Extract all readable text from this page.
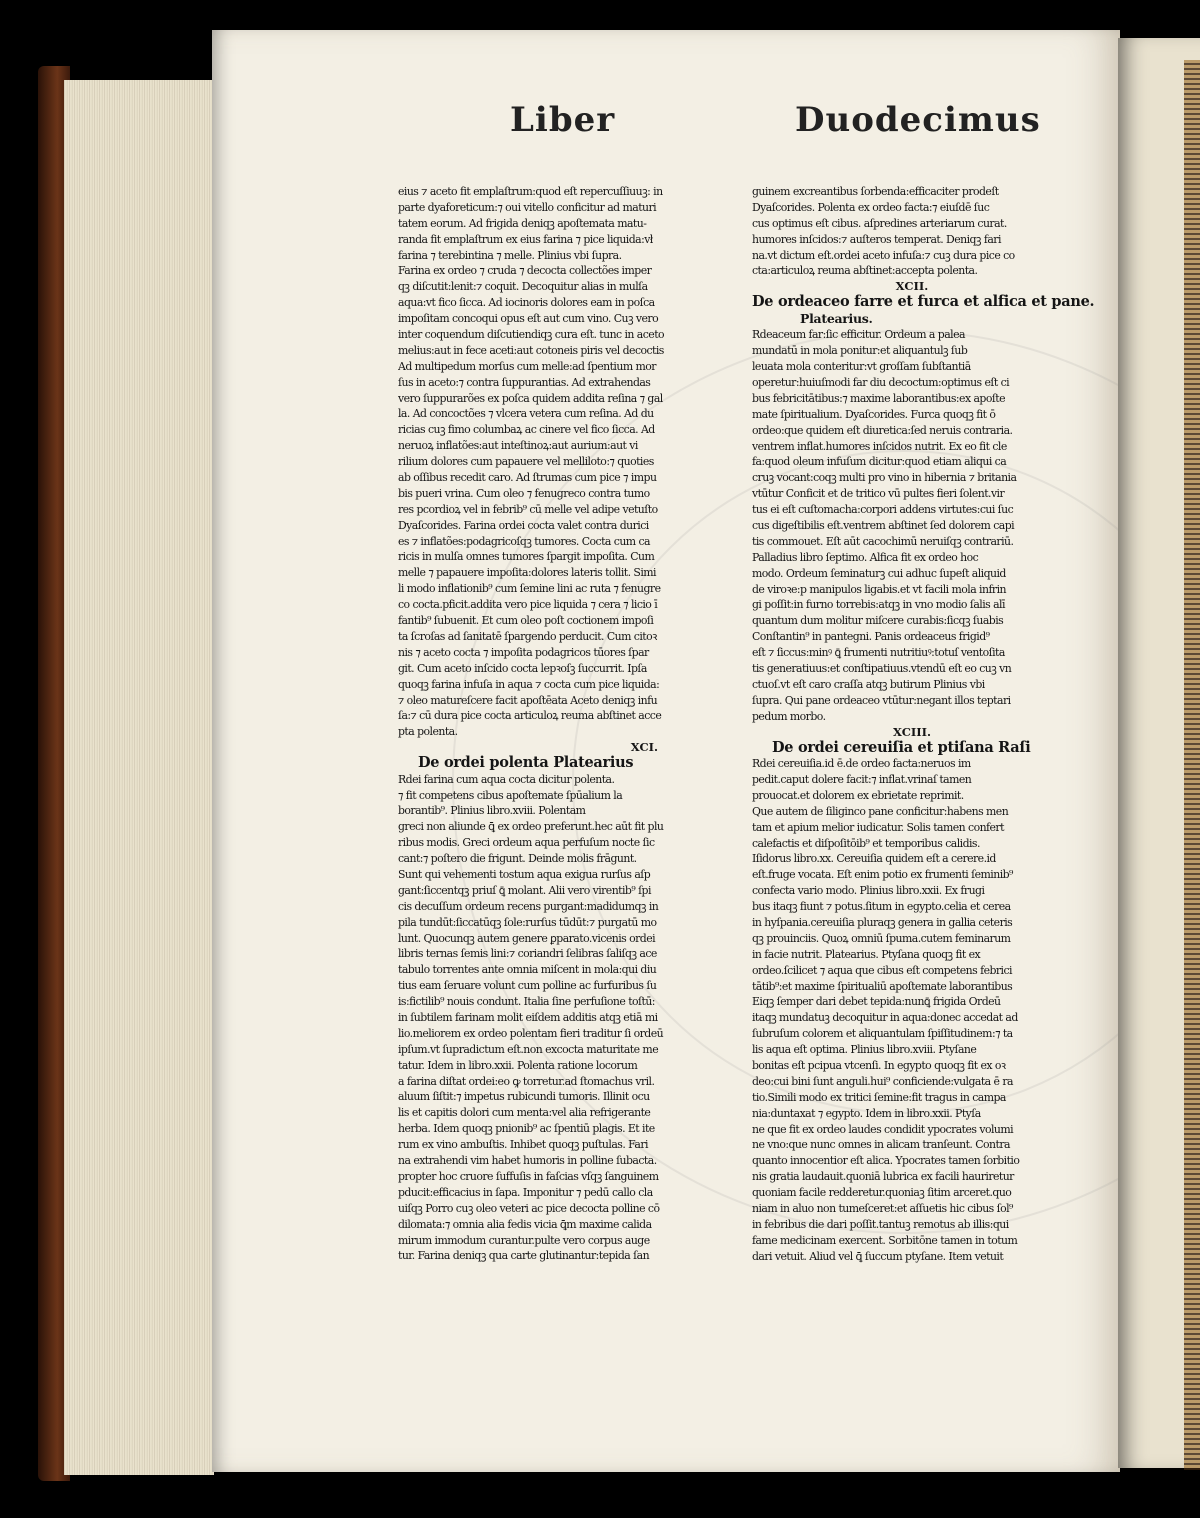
Liber	Duodecimus
eius ⁊ aceto fit emplaſtrum:quod eſt repercuſſiuuꝫ: in
parte dyaforeticum:⁊ oui vitello conficitur ad maturi
tatem eorum. Ad frigida deniqꝫ apoſtemata matu-
randa fit emplaſtrum ex eius farina ⁊ pice liquida:vł
farina ⁊ terebintina ⁊ melle. Plinius vbi ſupra.
Farina ex ordeo ⁊ cruda ⁊ decocta collectões imper
qꝫ diſcutit:lenit:⁊ coquit. Decoquitur alias in mulſa
aqua:vt fico ſicca. Ad iocinoris dolores eam in poſca
impoſitam concoqui opus eſt aut cum vino. Cuꝫ vero
inter coquendum diſcutiendiqꝫ cura eſt. tunc in aceto
melius:aut in fece aceti:aut cotoneis piris vel decoctis
Ad multipedum morſus cum melle:ad ſpentium mor
ſus in aceto:⁊ contra ſuppurantias. Ad extrahendas
vero ſuppurarões ex poſca quidem addita reſina ⁊ gal
la. Ad concoctões ⁊ vlcera vetera cum reſina. Ad du
ricias cuꝫ fimo columbaꝝ ac cinere vel fico ſicca. Ad
neruoꝝ inflatões:aut inteſtinoꝝ:aut aurium:aut vi
rilium dolores cum papauere vel melliloto:⁊ quoties
ab oſſibus recedit caro. Ad ſtrumas cum pice ⁊ impu
bis pueri vrina. Cum oleo ⁊ fenugreco contra tumo
res pcordioꝝ vel in febrib⁹ cū melle vel adipe vetuſto
Dyaſcorides. Farina ordei cocta valet contra durici
es ⁊ inflatões:podagricoſqꝫ tumores. Cocta cum ca
ricis in mulſa omnes tumores ſpargit impoſita. Cum
melle ⁊ papauere impoſita:dolores lateris tollit. Simi
li modo inflationib⁹ cum ſemine lini ac ruta ⁊ fenugre
co cocta.pficit.addita vero pice liquida ⁊ cera ⁊ licio ī
fantib⁹ ſubuenit. Et cum oleo poſt coctionem impoſi
ta ſcroſas ad ſanitatē ſpargendo perducit. Cum citoꝛ
nis ⁊ aceto cocta ⁊ impoſita podagricos tūores ſpar
git. Cum aceto inſcido cocta lepꝛoſꝫ ſuccurrit. Ipſa
quoqꝫ farina infuſa in aqua ⁊ cocta cum pice liquida:
⁊ oleo matureſcere facit apoſtēata Aceto deniqꝫ infu
ſa:⁊ cū dura pice cocta articuloꝝ reuma abſtinet acce
pta polenta.
XCI.
De ordei polenta Platearius
Rdei farina cum aqua cocta dicitur polenta.
⁊ fit competens cibus apoſtemate ſpūalium la
borantib⁹. Plinius libro.xviii. Polentam
greci non aliunde ꝗ̄ ex ordeo preferunt.hec aūt fit plu
ribus modis. Greci ordeum aqua perfuſum nocte ſic
cant:⁊ poſtero die frigunt. Deinde molis frāgunt.
Sunt qui vehementi tostum aqua exigua rurſus aſp
gant:ſiccentqꝫ priuſ ꝗ̄ molant. Alii vero virentib⁹ ſpi
cis decuſſum ordeum recens purgant:madidumqꝫ in
pila tundūt:ſiccatūqꝫ ſole:rurſus tūdūt:⁊ purgatū mo
lunt. Quocunqꝫ autem genere ꝑparato.vicenis ordei
libris ternas ſemis lini:⁊ coriandri ſelibras ſaliſqꝫ ace
tabulo torrentes ante omnia miſcent in mola:qui diu
tius eam ſeruare volunt cum polline ac furfuribus ſu
is:fictilib⁹ nouis condunt. Italia ſine perfuſione toſtū:
in ſubtilem farinam molit eiſdem additis atqꝫ etiā mi
lio.meliorem ex ordeo polentam fieri traditur ſi ordeū
ipſum.vt ſupradictum eſt.non excocta maturitate me
tatur. Idem in libro.xxii. Polenta ratione locorum
a farina diſtat ordei:eo ꝙ torretur.ad ſtomachus vril.
aluum ſiſtit:⁊ impetus rubicundi tumoris. Illinit ocu
lis et capitis dolori cum menta:vel alia refrigerante
herba. Idem quoqꝫ pnionib⁹ ac ſpentiū plagis. Et ite
rum ex vino ambuſtis. Inhibet quoqꝫ puſtulas. Fari
na extrahendi vim habet humoris in polline ſubacta.
propter hoc cruore ſuffuſis in faſcias vſqꝫ ſanguinem
pducit:efficacius in ſapa. Imponitur ⁊ pedū callo cla
uiſqꝫ Porro cuꝫ oleo veteri ac pice decocta polline cō
dilomata:⁊ omnia alia fedis vicia ꝗ̄m maxime calida
mirum immodum curantur.pulte vero corpus auge
tur. Farina deniqꝫ qua carte glutinantur:tepida ſan
guinem excreantibus ſorbenda:efficaciter prodeſt
Dyaſcorides. Polenta ex ordeo facta:⁊ eiuſdē ſuc
cus optimus eſt cibus. aſpredines arteriarum curat.
humores inſcidos:⁊ auſteros temperat. Deniqꝫ fari
na.vt dictum eſt.ordei aceto infuſa:⁊ cuꝫ dura pice co
cta:articuloꝝ reuma abſtinet:accepta polenta.
XCII.
De ordeaceo farre et furca et alfica et pane.
Platearius.
Rdeaceum far:ſic efficitur. Ordeum a palea
mundatū in mola ponitur:et aliquantulꝫ ſub
leuata mola conteritur:vt groſſam ſubſtantiā
operetur:huiuſmodi far diu decoctum:optimus eſt ci
bus febricitātibus:⁊ maxime laborantibus:ex apoſte
mate ſpiritualium. Dyaſcorides. Furca quoqꝫ fit ō
ordeo:que quidem eſt diuretica:ſed neruis contraria.
ventrem inflat.humores inſcidos nutrit. Ex eo fit cle
fa:quod oleum infuſum dicitur:quod etiam aliqui ca
cruꝫ vocant:coqꝫ multi pro vino in hibernia ⁊ britania
vtūtur Conficit et de tritico vū pultes fieri ſolent.vir
tus ei eſt cuſtomacha:corpori addens virtutes:cui ſuc
cus digeſtibilis eſt.ventrem abſtinet ſed dolorem capi
tis commouet. Eſt aūt cacochimū neruiſqꝫ contrariū.
Palladius libro ſeptimo. Alfica fit ex ordeo hoc
modo. Ordeum ſeminaturꝫ cui adhuc ſupeſt aliquid
de viroꝛe:p manipulos ligabis.et vt facili mola infrin
gi poſſit:in furno torrebis:atqꝫ in vno modio ſalis alī
quantum dum molitur miſcere curabis:ſicqꝫ ſuabis
Conſtantin⁹ in pantegni. Panis ordeaceus frigid⁹
eſt ⁊ ſiccus:minꝰ ꝗ̄ frumenti nutritiuꝰ:totuſ ventoſita
tis generatiuus:et conſtipatiuus.vtendū eſt eo cuꝫ vn
ctuoſ.vt eſt caro craſſa atqꝫ butirum Plinius vbi
ſupra. Qui pane ordeaceo vtūtur:negant illos teptari
pedum morbo.
XCIII.
De ordei cereuiſia et ptiſana Raſi
Rdei cereuiſia.id ē.de ordeo facta:neruos im
pedit.caput dolere facit:⁊ inflat.vrinaſ tamen
prouocat.et dolorem ex ebrietate reprimit.
Que autem de ſiliginco pane conficitur:habens men
tam et apium melior iudicatur. Solis tamen confert
calefactis et diſpoſitōib⁹ et temporibus calidis.
Iſidorus libro.xx. Cereuiſia quidem eſt a cerere.id
eſt.fruge vocata. Eſt enim potio ex frumenti ſeminib⁹
confecta vario modo. Plinius libro.xxii. Ex frugi
bus itaqꝫ fiunt ⁊ potus.ſitum in egypto.celia et cerea
in hyſpania.cereuiſia pluraqꝫ genera in gallia ceteris
qꝫ prouinciis. Quoꝝ omniū ſpuma.cutem feminarum
in facie nutrit. Platearius. Ptyſana quoqꝫ fit ex
ordeo.ſcilicet ⁊ aqua que cibus eſt competens febrici
tātib⁹:et maxime ſpiritualiū apoſtemate laborantibus
Eiqꝫ ſemper dari debet tepida:nunꝗ̄ frigida Ordeū
itaqꝫ mundatuꝫ decoquitur in aqua:donec accedat ad
ſubruſum colorem et aliquantulam ſpiſſitudinem:⁊ ta
lis aqua eſt optima. Plinius libro.xviii. Ptyſane
bonitas eſt pcipua vtcenſi. In egypto quoqꝫ fit ex oꝛ
deo:cui bini ſunt anguli.hui⁹ conficiende:vulgata ē ra
tio.Simili modo ex tritici ſemine:fit tragus in campa
nia:duntaxat ⁊ egypto. Idem in libro.xxii. Ptyſa
ne que fit ex ordeo laudes condidit ypocrates volumi
ne vno:que nunc omnes in alicam tranſeunt. Contra
quanto innocentior eſt alica. Ypocrates tamen ſorbitio
nis gratia laudauit.quoniā lubrica ex facili hauriretur
quoniam facile redderetur.quoniaꝫ ſitim arceret.quo
niam in aluo non tumeſceret:et aſſuetis hic cibus ſol⁹
in febribus die dari poſſit.tantuꝫ remotus ab illis:qui
fame medicinam exercent. Sorbitōne tamen in totum
dari vetuit. Aliud vel ꝗ̄ ſuccum ptyſane. Item vetuit
